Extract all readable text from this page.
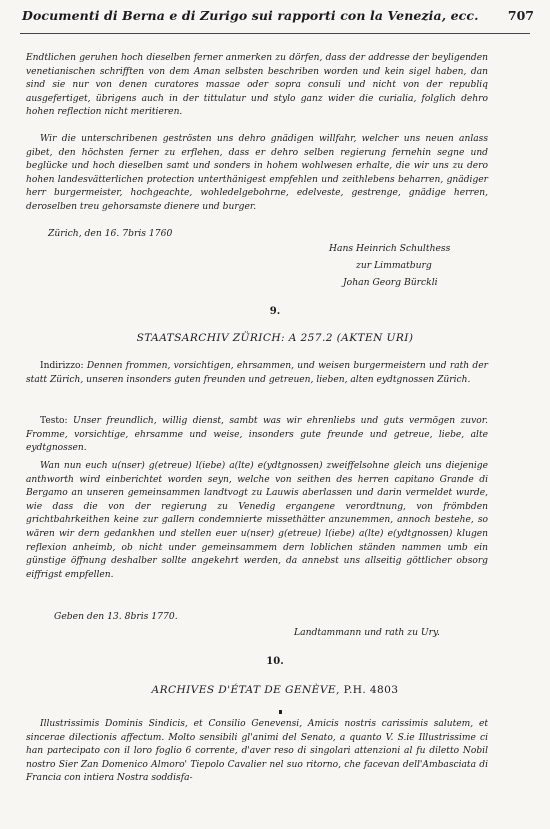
Documenti di Berna e di Zurigo sui rapporti con la Venezia, ecc. 707
Endtlichen geruhen hoch dieselben ferner anmerken zu dörfen, dass der addresse der beyligenden venetianischen schrifften von dem Aman selbsten beschriben worden und kein sigel haben, dan sind sie nur von denen curatores massae oder sopra consuli und nicht von der republiq ausgefertiget, übrigens auch in der tittulatur und stylo ganz wider die curialia, folglich dehro hohen reflection nicht meritieren.
Wir die unterschribenen geströsten uns dehro gnädigen willfahr, welcher uns neuen anlass gibet, den höchsten ferner zu erflehen, dass er dehro selben regierung fernehin segne und beglücke und hoch dieselben samt und sonders in hohem wohlwesen erhalte, die wir uns zu dero hohen landesvätterlichen protection unterthänigest empfehlen und zeithlebens beharren, gnädiger herr burgermeister, hochgeachte, wohledelgebohrne, edelveste, gestrenge, gnädige herren, deroselben treu gehorsamste dienere und burger.
Zürich, den 16. 7bris 1760
Hans Heinrich Schulthess
zur Limmatburg
Johan Georg Bürckli
9.
STAATSARCHIV ZÜRICH: A 257.2 (AKTEN URI)
Indirizzo: Dennen frommen, vorsichtigen, ehrsammen, und weisen burgermeistern und rath der statt Zürich, unseren insonders guten freunden und getreuen, lieben, alten eydtgnossen Zürich.
Testo: Unser freundlich, willig dienst, sambt was wir ehrenliebs und guts vermögen zuvor. Fromme, vorsichtige, ehrsamme und weise, insonders gute freunde und getreue, liebe, alte eydtgnossen.
Wan nun euch u(nser) g(etreue) l(iebe) a(lte) e(ydtgnossen) zweiffelsohne gleich uns diejenige anthworth wird einberichtet worden seyn, welche von seithen des herren capitano Grande di Bergamo an unseren gemeinsammen landtvogt zu Lauwis aberlassen und darin vermeldet wurde, wie dass die von der regierung zu Venedig ergangene verordtnung, von frömbden grichtbahrkeithen keine zur gallern condemnierte missethätter anzunemmen, annoch bestehe, so wären wir dern gedankhen und stellen euer u(nser) g(etreue) l(iebe) a(lte) e(ydtgnossen) klugen reflexion anheimb, ob nicht under gemeinsammem dern loblichen ständen nammen umb ein günstige öffnung deshalber sollte angekehrt werden, da annebst uns allseitig göttlicher obsorg eiffrigst empfellen.
Geben den 13. 8bris 1770.
Landtammann und rath zu Ury.
10.
ARCHIVES D'ÉTAT DE GENÈVE, P.H. 4803
Illustrissimis Dominis Sindicis, et Consilio Genevensi, Amicis nostris carissimis salutem, et sincerae dilectionis affectum. Molto sensibili gl'animi del Senato, a quanto V. S.ie Illustrissime ci han partecipato con il loro foglio 6 corrente, d'aver reso di singolari attenzioni al fu diletto Nobil nostro Sier Zan Domenico Almoro' Tiepolo Cavalier nel suo ritorno, che facevan dell'Ambasciata di Francia con intiera Nostra soddisfa-
